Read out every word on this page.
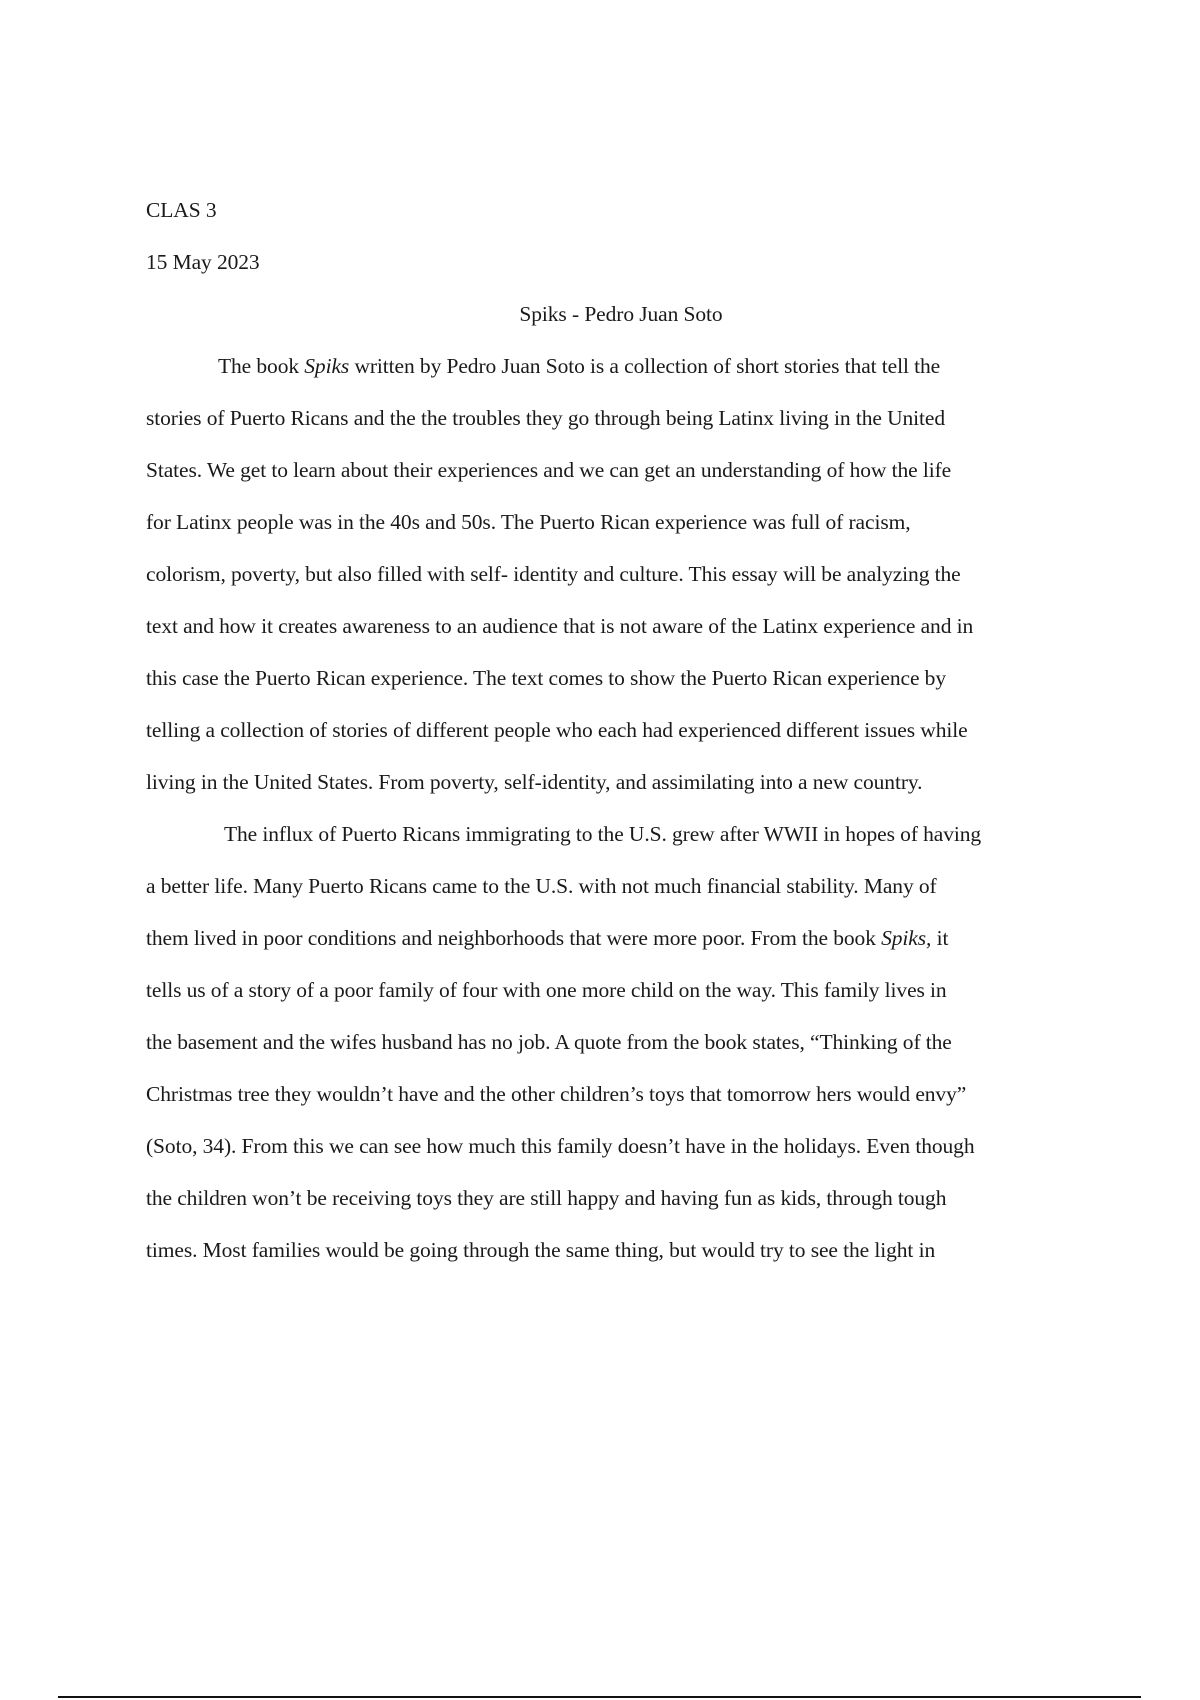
CLAS 3
15 May 2023
Spiks - Pedro Juan Soto
The book Spiks written by Pedro Juan Soto is a collection of short stories that tell the
stories of Puerto Ricans and the the troubles they go through being Latinx living in the United
States. We get to learn about their experiences and we can get an understanding of how the life
for Latinx people was in the 40s and 50s. The Puerto Rican experience was full of racism,
colorism, poverty, but also filled with self- identity and culture. This essay will be analyzing the
text and how it creates awareness to an audience that is not aware of the Latinx experience and in
this case the Puerto Rican experience. The text comes to show the Puerto Rican experience by
telling a collection of stories of different people who each had experienced different issues while
living in the United States. From poverty, self-identity, and assimilating into a new country.
The influx of Puerto Ricans immigrating to the U.S. grew after WWII in hopes of having
a better life. Many Puerto Ricans came to the U.S. with not much financial stability. Many of
them lived in poor conditions and neighborhoods that were more poor. From the book Spiks, it
tells us of a story of a poor family of four with one more child on the way. This family lives in
the basement and the wifes husband has no job. A quote from the book states, “Thinking of the
Christmas tree they wouldn’t have and the other children’s toys that tomorrow hers would envy”
(Soto, 34). From this we can see how much this family doesn’t have in the holidays. Even though
the children won’t be receiving toys they are still happy and having fun as kids, through tough
times. Most families would be going through the same thing, but would try to see the light in
